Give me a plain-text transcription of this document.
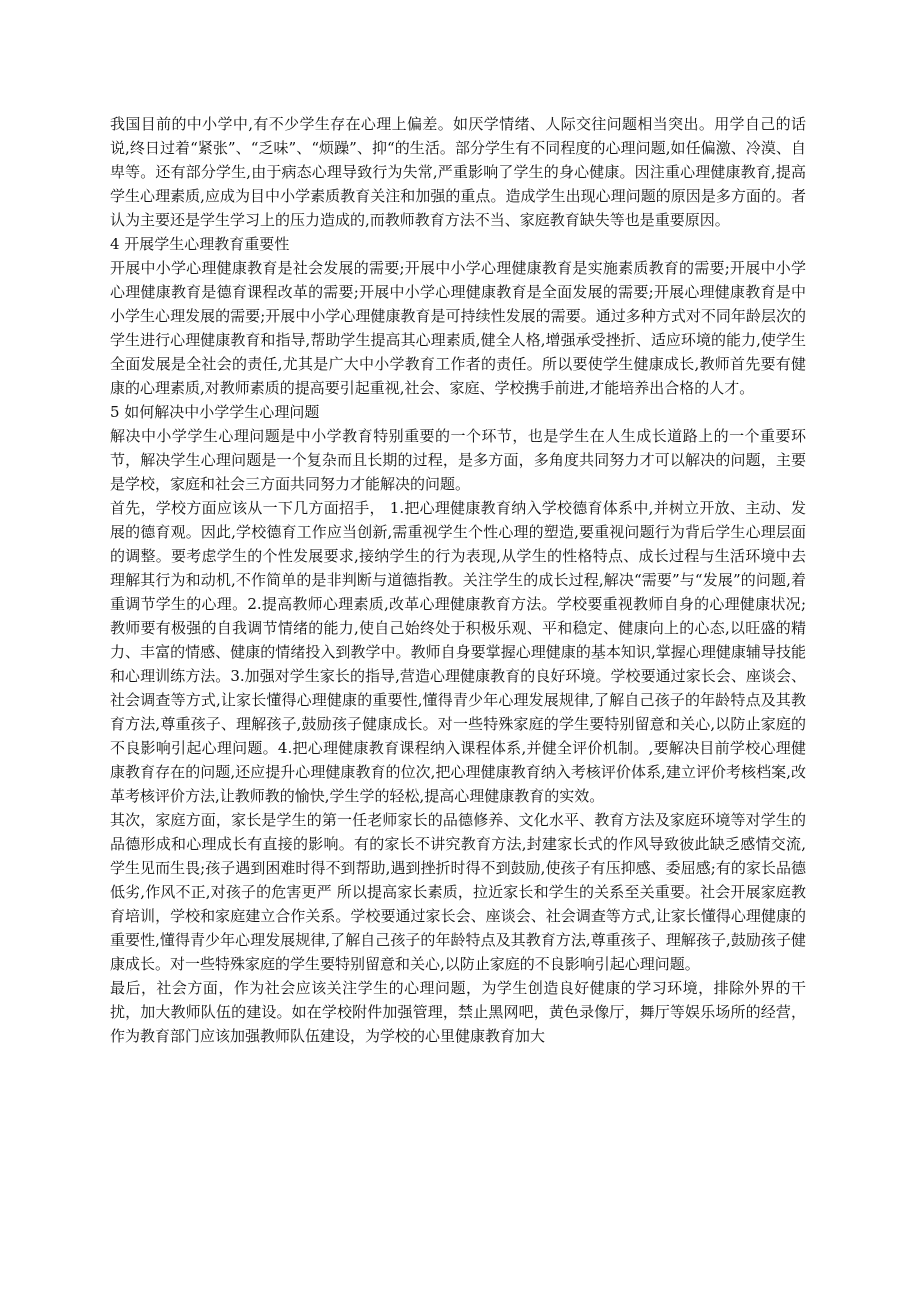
我国目前的中小学中,有不少学生存在心理上偏差。如厌学情绪、人际交往问题相当突出。用学自己的话说,终日过着“紧张”、“乏味”、“烦躁”、抑“的生活。部分学生有不同程度的心理问题,如任偏激、冷漠、自卑等。还有部分学生,由于病态心理导致行为失常,严重影响了学生的身心健康。因注重心理健康教育,提高学生心理素质,应成为目中小学素质教育关注和加强的重点。造成学生出现心理问题的原因是多方面的。者认为主要还是学生学习上的压力造成的,而教师教育方法不当、家庭教育缺失等也是重要原因。

4 开展学生心理教育重要性

开展中小学心理健康教育是社会发展的需要;开展中小学心理健康教育是实施素质教育的需要;开展中小学心理健康教育是德育课程改革的需要;开展中小学心理健康教育是全面发展的需要;开展心理健康教育是中小学生心理发展的需要;开展中小学心理健康教育是可持续性发展的需要。通过多种方式对不同年龄层次的学生进行心理健康教育和指导,帮助学生提高其心理素质,健全人格,增强承受挫折、适应环境的能力,使学生全面发展是全社会的责任,尤其是广大中小学教育工作者的责任。所以要使学生健康成长,教师首先要有健康的心理素质,对教师素质的提高要引起重视,社会、家庭、学校携手前进,才能培养出合格的人才。

5 如何解决中小学学生心理问题

解决中小学学生心理问题是中小学教育特别重要的一个环节，也是学生在人生成长道路上的一个重要环节，解决学生心理问题是一个复杂而且长期的过程，是多方面，多角度共同努力才可以解决的问题，主要是学校，家庭和社会三方面共同努力才能解决的问题。

首先，学校方面应该从一下几方面招手， 1.把心理健康教育纳入学校德育体系中,并树立开放、主动、发展的德育观。因此,学校德育工作应当创新,需重视学生个性心理的塑造,要重视问题行为背后学生心理层面的调整。要考虑学生的个性发展要求,接纳学生的行为表现,从学生的性格特点、成长过程与生活环境中去理解其行为和动机,不作简单的是非判断与道德指教。关注学生的成长过程,解决“需要”与“发展”的问题,着重调节学生的心理。2.提高教师心理素质,改革心理健康教育方法。学校要重视教师自身的心理健康状况;教师要有极强的自我调节情绪的能力,使自己始终处于积极乐观、平和稳定、健康向上的心态,以旺盛的精力、丰富的情感、健康的情绪投入到教学中。教师自身要掌握心理健康的基本知识,掌握心理健康辅导技能和心理训练方法。3.加强对学生家长的指导,营造心理健康教育的良好环境。学校要通过家长会、座谈会、社会调查等方式,让家长懂得心理健康的重要性,懂得青少年心理发展规律,了解自己孩子的年龄特点及其教育方法,尊重孩子、理解孩子,鼓励孩子健康成长。对一些特殊家庭的学生要特别留意和关心,以防止家庭的不良影响引起心理问题。4.把心理健康教育课程纳入课程体系,并健全评价机制。,要解决目前学校心理健康教育存在的问题,还应提升心理健康教育的位次,把心理健康教育纳入考核评价体系,建立评价考核档案,改革考核评价方法,让教师教的愉快,学生学的轻松,提高心理健康教育的实效。

其次，家庭方面，家长是学生的第一任老师家长的品德修养、文化水平、教育方法及家庭环境等对学生的品德形成和心理成长有直接的影响。有的家长不讲究教育方法,封建家长式的作风导致彼此缺乏感情交流,学生见而生畏;孩子遇到困难时得不到帮助,遇到挫折时得不到鼓励,使孩子有压抑感、委屈感;有的家长品德低劣,作风不正,对孩子的危害更严 所以提高家长素质，拉近家长和学生的关系至关重要。社会开展家庭教育培训，学校和家庭建立合作关系。学校要通过家长会、座谈会、社会调查等方式,让家长懂得心理健康的重要性,懂得青少年心理发展规律,了解自己孩子的年龄特点及其教育方法,尊重孩子、理解孩子,鼓励孩子健康成长。对一些特殊家庭的学生要特别留意和关心,以防止家庭的不良影响引起心理问题。

最后，社会方面，作为社会应该关注学生的心理问题，为学生创造良好健康的学习环境，排除外界的干扰，加大教师队伍的建设。如在学校附件加强管理，禁止黑网吧，黄色录像厅，舞厅等娱乐场所的经营，作为教育部门应该加强教师队伍建设，为学校的心里健康教育加大
